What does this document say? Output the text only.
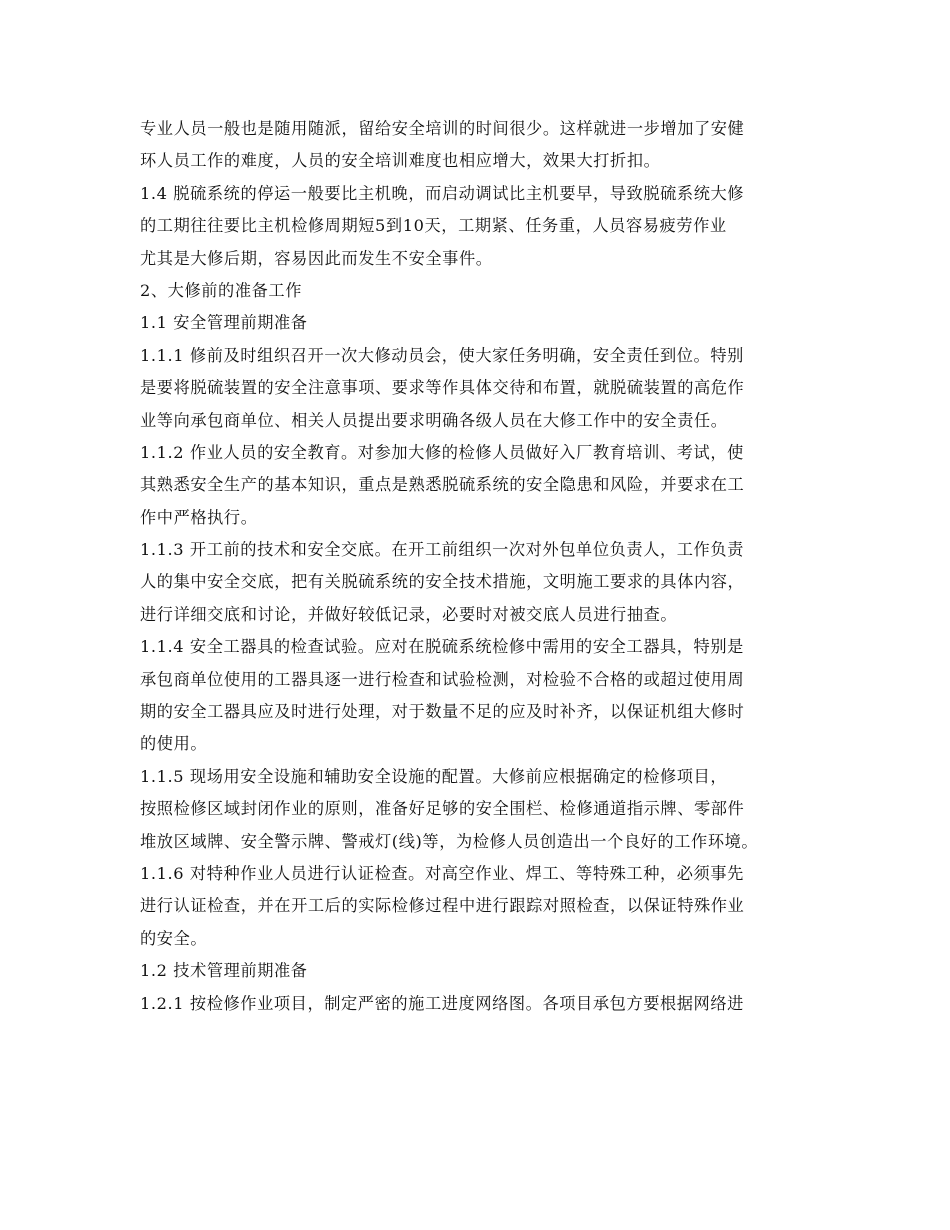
专业人员一般也是随用随派，留给安全培训的时间很少。这样就进一步增加了安健
环人员工作的难度，人员的安全培训难度也相应增大，效果大打折扣。
1.4 脱硫系统的停运一般要比主机晚，而启动调试比主机要早，导致脱硫系统大修
的工期往往要比主机检修周期短5到10天，工期紧、任务重，人员容易疲劳作业
尤其是大修后期，容易因此而发生不安全事件。
2、大修前的准备工作
1.1 安全管理前期准备
1.1.1 修前及时组织召开一次大修动员会，使大家任务明确，安全责任到位。特别
是要将脱硫装置的安全注意事项、要求等作具体交待和布置，就脱硫装置的高危作
业等向承包商单位、相关人员提出要求明确各级人员在大修工作中的安全责任。
1.1.2 作业人员的安全教育。对参加大修的检修人员做好入厂教育培训、考试，使
其熟悉安全生产的基本知识，重点是熟悉脱硫系统的安全隐患和风险，并要求在工
作中严格执行。
1.1.3 开工前的技术和安全交底。在开工前组织一次对外包单位负责人，工作负责
人的集中安全交底，把有关脱硫系统的安全技术措施，文明施工要求的具体内容，
进行详细交底和讨论，并做好较低记录，必要时对被交底人员进行抽查。
1.1.4 安全工器具的检查试验。应对在脱硫系统检修中需用的安全工器具，特别是
承包商单位使用的工器具逐一进行检查和试验检测，对检验不合格的或超过使用周
期的安全工器具应及时进行处理，对于数量不足的应及时补齐，以保证机组大修时
的使用。
1.1.5 现场用安全设施和辅助安全设施的配置。大修前应根据确定的检修项目，
按照检修区域封闭作业的原则，准备好足够的安全围栏、检修通道指示牌、零部件
堆放区域牌、安全警示牌、警戒灯(线)等，为检修人员创造出一个良好的工作环境。
1.1.6 对特种作业人员进行认证检查。对高空作业、焊工、等特殊工种，必须事先
进行认证检查，并在开工后的实际检修过程中进行跟踪对照检查，以保证特殊作业
的安全。
1.2 技术管理前期准备
1.2.1 按检修作业项目，制定严密的施工进度网络图。各项目承包方要根据网络进
